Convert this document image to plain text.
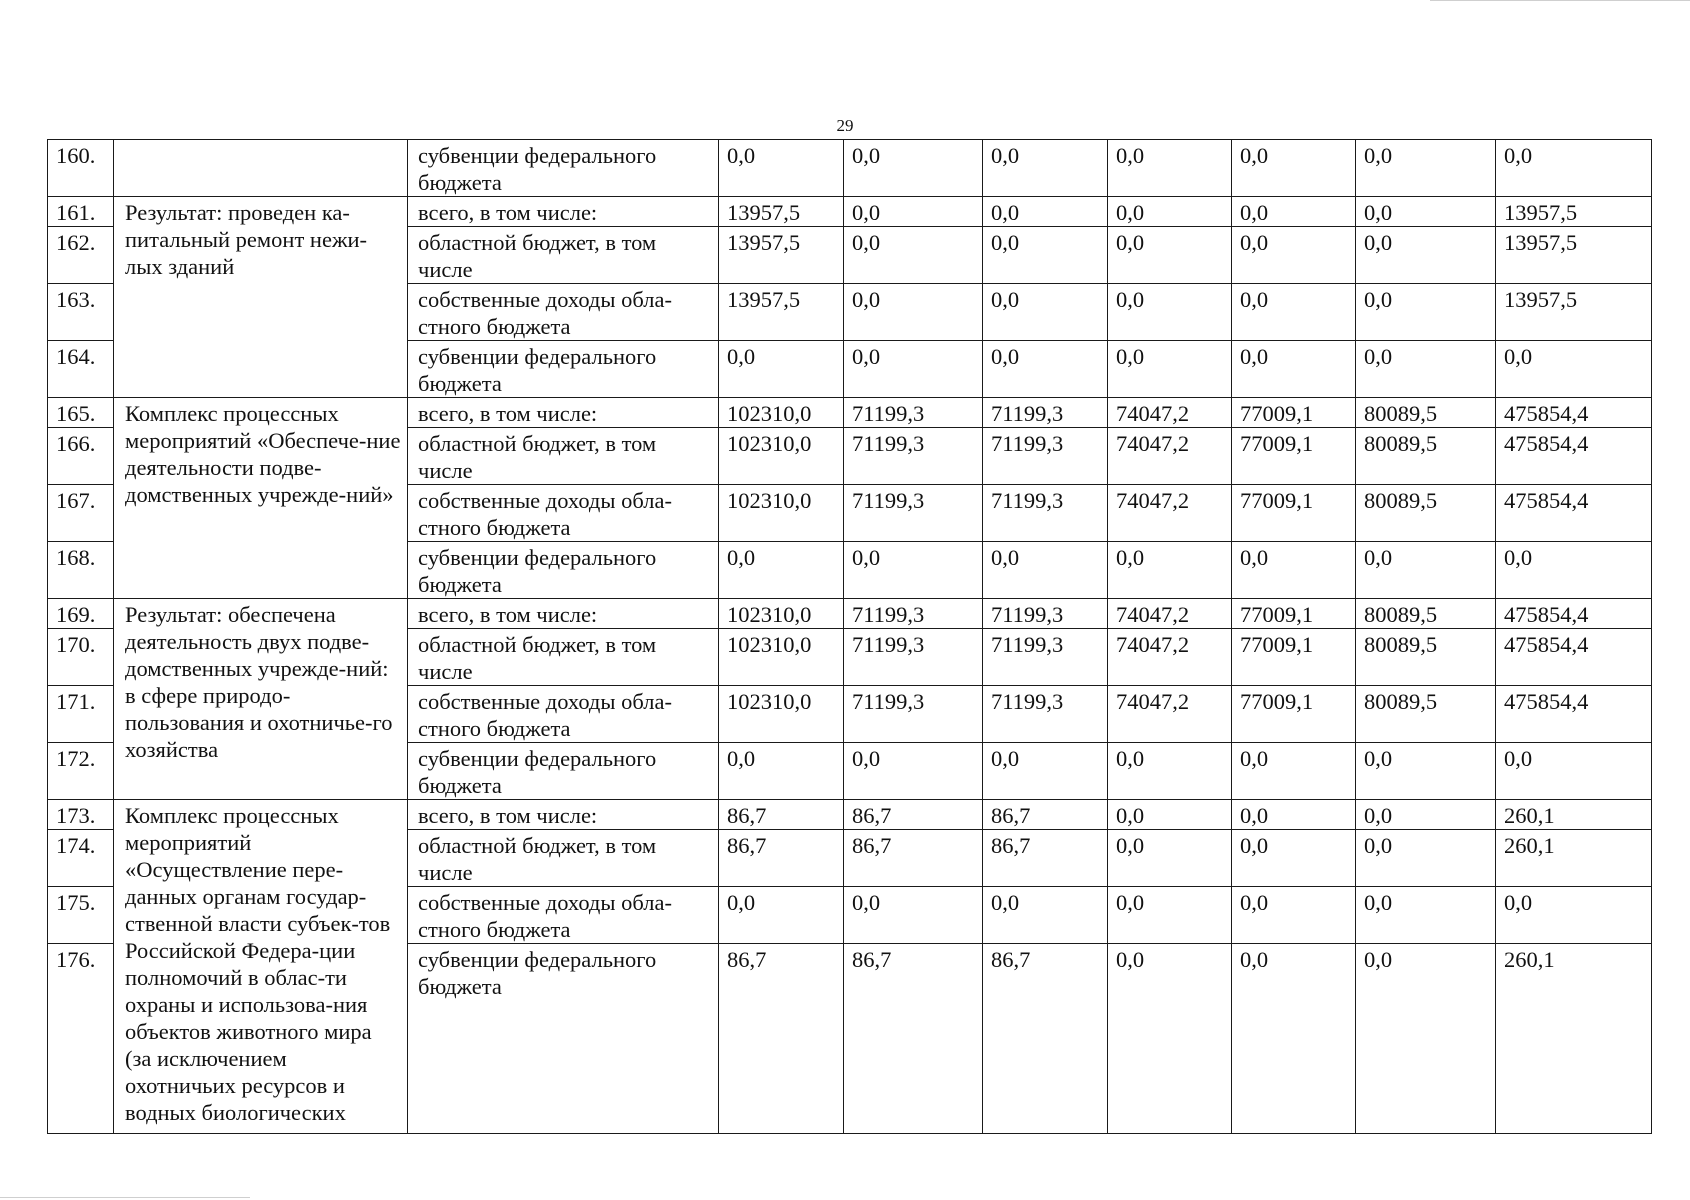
29
160.		субвенции федерального бюджета	0,0	0,0	0,0	0,0	0,0	0,0	0,0
161.	Результат: проведен ка-питальный ремонт нежи-лых зданий	всего, в том числе:	13957,5	0,0	0,0	0,0	0,0	0,0	13957,5
162.		областной бюджет, в том числе	13957,5	0,0	0,0	0,0	0,0	0,0	13957,5
163.		собственные доходы обла-стного бюджета	13957,5	0,0	0,0	0,0	0,0	0,0	13957,5
164.		субвенции федерального бюджета	0,0	0,0	0,0	0,0	0,0	0,0	0,0
165.	Комплекс процессных мероприятий «Обеспече-ние деятельности подве-домственных учрежде-ний»	всего, в том числе:	102310,0	71199,3	71199,3	74047,2	77009,1	80089,5	475854,4
166.		областной бюджет, в том числе	102310,0	71199,3	71199,3	74047,2	77009,1	80089,5	475854,4
167.		собственные доходы обла-стного бюджета	102310,0	71199,3	71199,3	74047,2	77009,1	80089,5	475854,4
168.		субвенции федерального бюджета	0,0	0,0	0,0	0,0	0,0	0,0	0,0
169.	Результат: обеспечена деятельность двух подве-домственных учрежде-ний: в сфере природо-пользования и охотничье-го хозяйства	всего, в том числе:	102310,0	71199,3	71199,3	74047,2	77009,1	80089,5	475854,4
170.		областной бюджет, в том числе	102310,0	71199,3	71199,3	74047,2	77009,1	80089,5	475854,4
171.		собственные доходы обла-стного бюджета	102310,0	71199,3	71199,3	74047,2	77009,1	80089,5	475854,4
172.		субвенции федерального бюджета	0,0	0,0	0,0	0,0	0,0	0,0	0,0
173.	Комплекс процессных мероприятий «Осуществление пере-данных органам государ-ственной власти субъек-тов Российской Федера-ции полномочий в облас-ти охраны и использова-ния объектов животного мира (за исключением охотничьих ресурсов и водных биологических	всего, в том числе:	86,7	86,7	86,7	0,0	0,0	0,0	260,1
174.		областной бюджет, в том числе	86,7	86,7	86,7	0,0	0,0	0,0	260,1
175.		собственные доходы обла-стного бюджета	0,0	0,0	0,0	0,0	0,0	0,0	0,0
176.		субвенции федерального бюджета	86,7	86,7	86,7	0,0	0,0	0,0	260,1
